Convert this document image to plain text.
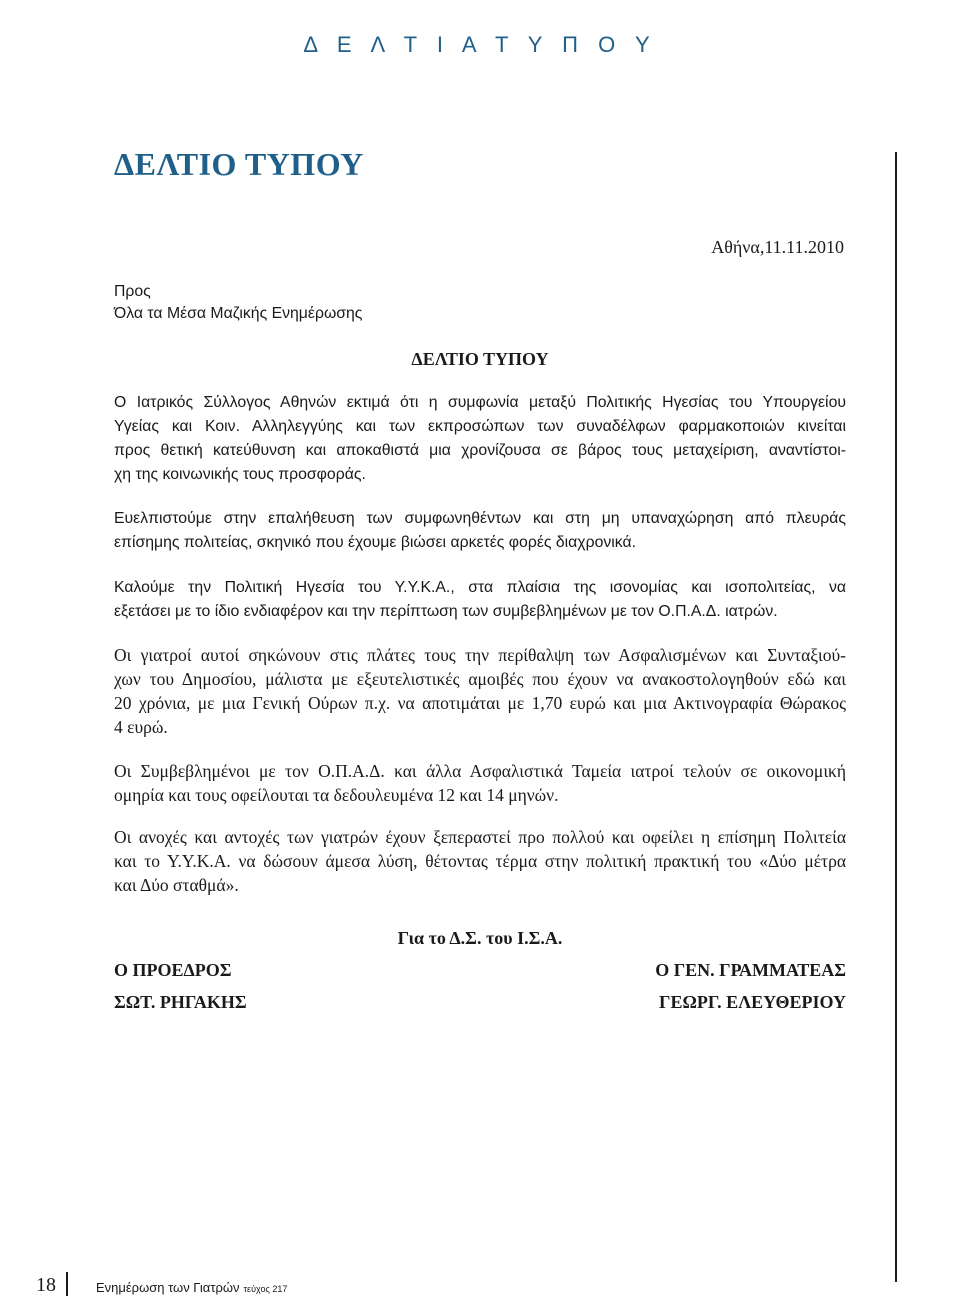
Δ Ε Λ Τ Ι Α Τ Υ Π Ο Υ
ΔΕΛΤΙΟ ΤΥΠΟΥ
Αθήνα,11.11.2010
Προς
Όλα τα Μέσα Μαζικής Ενημέρωσης
ΔΕΛΤΙΟ ΤΥΠΟΥ
Ο Ιατρικός Σύλλογος Αθηνών εκτιμά ότι η συμφωνία μεταξύ Πολιτικής Ηγεσίας του Υπουργείου
Υγείας και Κοιν. Αλληλεγγύης και των εκπροσώπων των συναδέλφων φαρμακοποιών κινείται
προς θετική κατεύθυνση και αποκαθιστά μια χρονίζουσα σε βάρος τους μεταχείριση, αναντίστοι-
χη της κοινωνικής τους προσφοράς.
Ευελπιστούμε στην επαλήθευση των συμφωνηθέντων και στη μη υπαναχώρηση από πλευράς
επίσημης πολιτείας, σκηνικό που έχουμε βιώσει αρκετές φορές διαχρονικά.
Καλούμε την Πολιτική Ηγεσία του Υ.Υ.Κ.Α., στα πλαίσια της ισονομίας και ισοπολιτείας, να
εξετάσει με το ίδιο ενδιαφέρον και την περίπτωση των συμβεβλημένων με τον Ο.Π.Α.Δ. ιατρών.
Οι γιατροί αυτοί σηκώνουν στις πλάτες τους την περίθαλψη των Ασφαλισμένων και Συνταξιού-
χων του Δημοσίου, μάλιστα με εξευτελιστικές αμοιβές που έχουν να ανακοστολογηθούν εδώ και
20 χρόνια, με μια Γενική Ούρων π.χ. να αποτιμάται με 1,70 ευρώ και μια Ακτινογραφία Θώρακος
4 ευρώ.
Οι Συμβεβλημένοι με τον Ο.Π.Α.Δ. και άλλα Ασφαλιστικά Ταμεία ιατροί τελούν σε οικονομική
ομηρία και τους οφείλουται τα δεδουλευμένα 12 και 14 μηνών.
Οι ανοχές και αντοχές των γιατρών έχουν ξεπεραστεί προ πολλού και οφείλει η επίσημη Πολιτεία
και το Υ.Υ.Κ.Α. να δώσουν άμεσα λύση, θέτοντας τέρμα στην πολιτική πρακτική του «Δύο μέτρα
και Δύο σταθμά».
Για το Δ.Σ. του Ι.Σ.Α.
Ο ΠΡΟΕΔΡΟΣ
ΣΩΤ. ΡΗΓΑΚΗΣ
Ο ΓΕΝ. ΓΡΑΜΜΑΤΕΑΣ
ΓΕΩΡΓ. ΕΛΕΥΘΕΡΙΟΥ
18	Ενημέρωση των Γιατρών τεύχος 217
